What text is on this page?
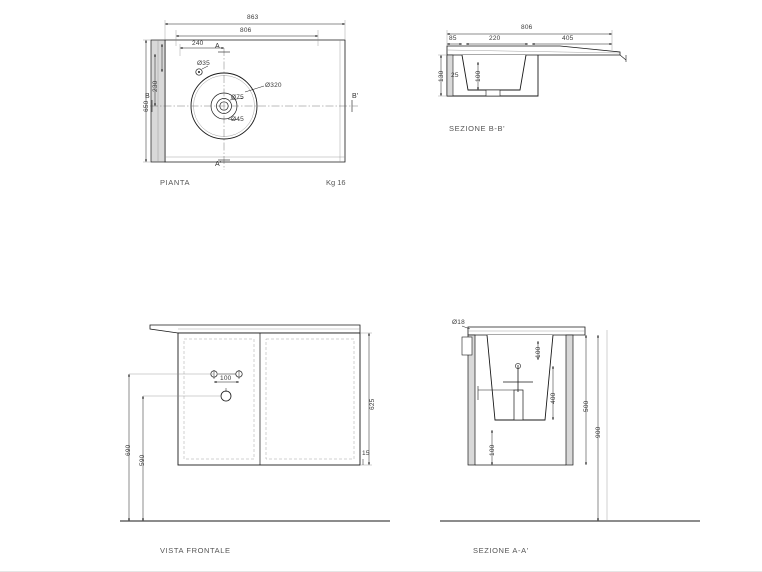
863
806
240
230
650
Ø35
Ø75
Ø45
Ø320
A
A'
B	B'
PIANTA	Kg 16
806
85	220	405
25
130	100
SEZIONE B-B'
100
625
690
590
15
VISTA FRONTALE
Ø18
100
400
500
100
900
SEZIONE A-A'
